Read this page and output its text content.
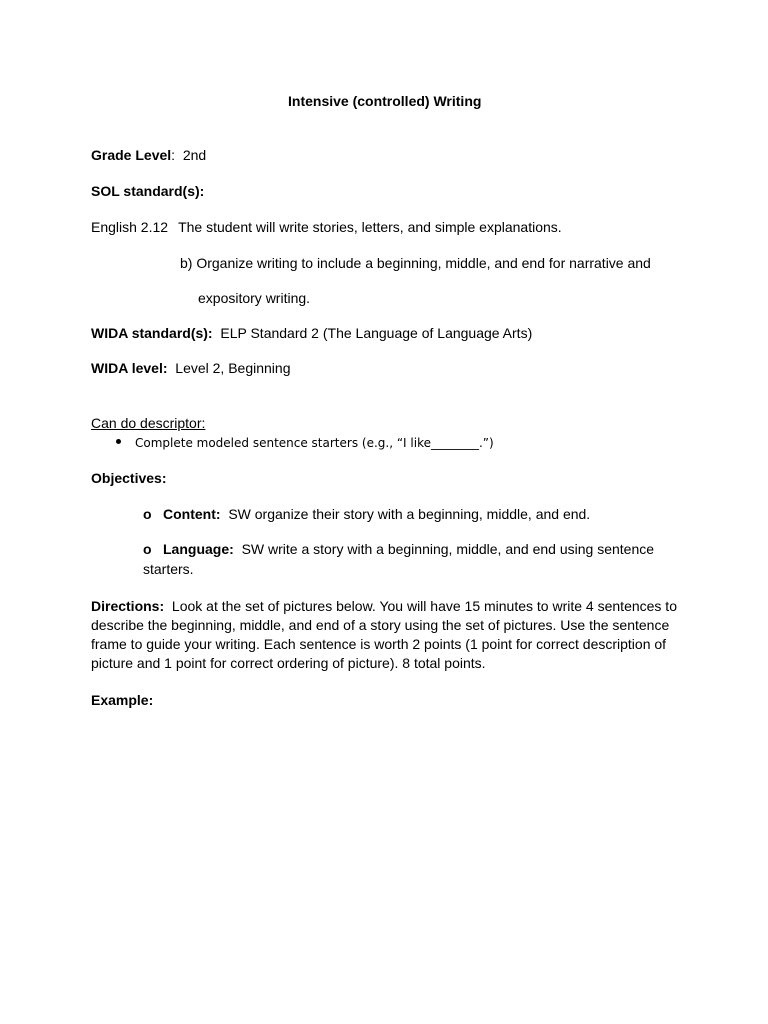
Intensive (controlled) Writing
Grade Level:  2nd
SOL standard(s):
English 2.12 The student will write stories, letters, and simple explanations.
b) Organize writing to include a beginning, middle, and end for narrative and
expository writing.
WIDA standard(s): ELP Standard 2 (The Language of Language Arts)
WIDA level: Level 2, Beginning
Can do descriptor:
Complete modeled sentence starters (e.g., “I like________.”)
Objectives:
o Content: SW organize their story with a beginning, middle, and end.
o Language: SW write a story with a beginning, middle, and end using sentence
starters.
Directions: Look at the set of pictures below. You will have 15 minutes to write 4 sentences to describe the beginning, middle, and end of a story using the set of pictures. Use the sentence frame to guide your writing. Each sentence is worth 2 points (1 point for correct description of picture and 1 point for correct ordering of picture). 8 total points.
Example:
